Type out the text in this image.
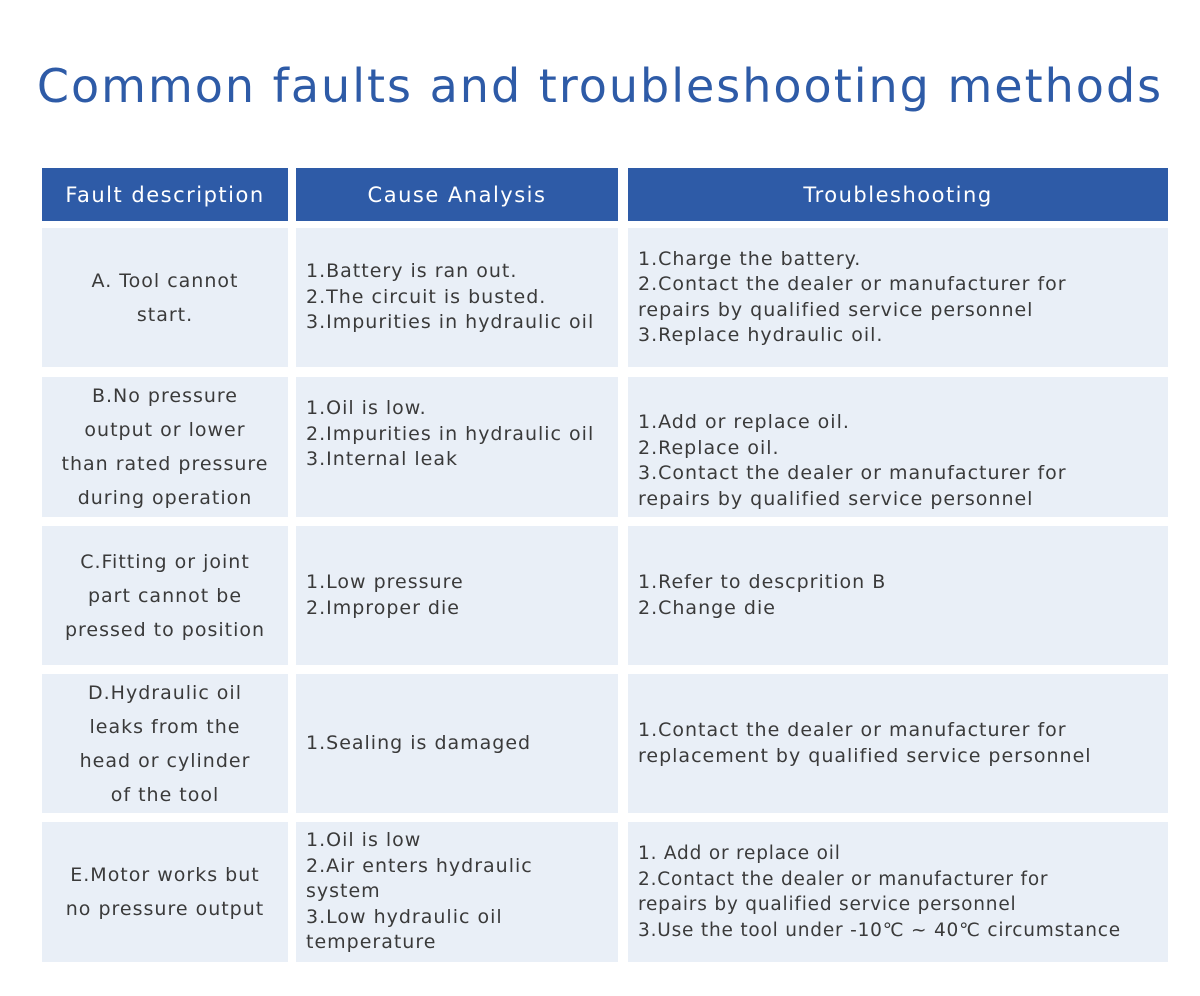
Common faults and troubleshooting methods
Fault description	Cause Analysis	Troubleshooting
A. Tool cannot
start.
1.Battery is ran out.
2.The circuit is busted.
3.Impurities in hydraulic oil
1.Charge the battery.
2.Contact the dealer or manufacturer for
repairs by qualified service personnel
3.Replace hydraulic oil.
B.No pressure
output or lower
than rated pressure
during operation
1.Oil is low.
2.Impurities in hydraulic oil
3.Internal leak
1.Add or replace oil.
2.Replace oil.
3.Contact the dealer or manufacturer for
repairs by qualified service personnel
C.Fitting or joint
part cannot be
pressed to position
1.Low pressure
2.Improper die
1.Refer to descprition B
2.Change die
D.Hydraulic oil
leaks from the
head or cylinder
of the tool
1.Sealing is damaged
1.Contact the dealer or manufacturer for
replacement by qualified service personnel
E.Motor works but
no pressure output
1.Oil is low
2.Air enters hydraulic
system
3.Low hydraulic oil
temperature
1. Add or replace oil
2.Contact the dealer or manufacturer for
repairs by qualified service personnel
3.Use the tool under -10℃ ~ 40℃ circumstance
